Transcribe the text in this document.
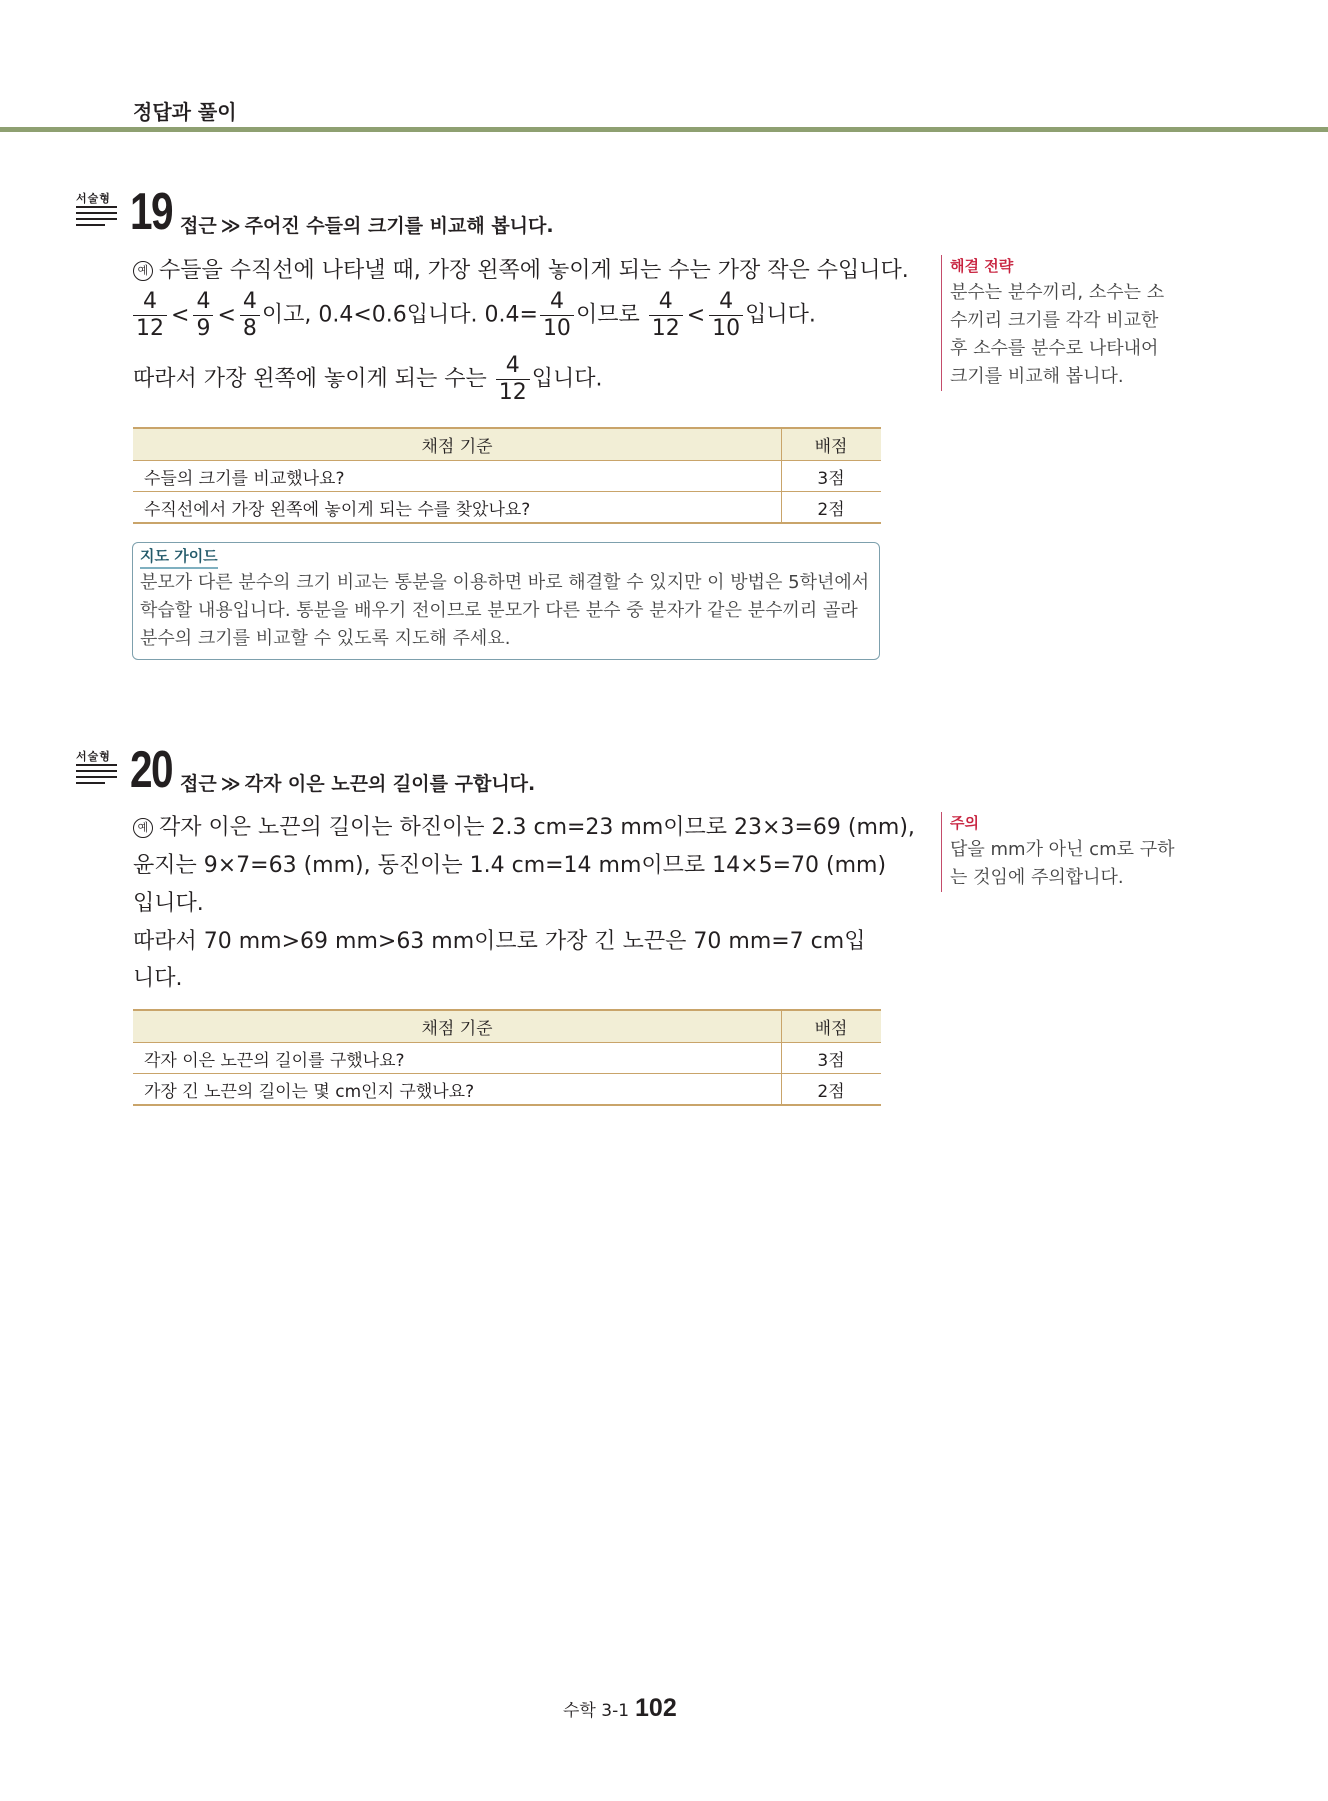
정답과 풀이
서술형 19 접근 ≫ 주어진 수들의 크기를 비교해 봅니다.
예 수들을 수직선에 나타낼 때, 가장 왼쪽에 놓이게 되는 수는 가장 작은 수입니다.
$\frac{4}{12} < \frac{4}{9} < \frac{4}{8}$ 이고, 0.4<0.6입니다. $0.4= \frac{4}{10}$ 이므로 $\frac{4}{12} < \frac{4}{10}$ 입니다.
따라서 가장 왼쪽에 놓이게 되는 수는 $\frac{4}{12}$ 입니다.
채점 기준	배점
수들의 크기를 비교했나요?	3점
수직선에서 가장 왼쪽에 놓이게 되는 수를 찾았나요?	2점
지도 가이드
분모가 다른 분수의 크기 비교는 통분을 이용하면 바로 해결할 수 있지만 이 방법은 5학년에서
학습할 내용입니다. 통분을 배우기 전이므로 분모가 다른 분수 중 분자가 같은 분수끼리 골라
분수의 크기를 비교할 수 있도록 지도해 주세요.
해결 전략
분수는 분수끼리, 소수는 소
수끼리 크기를 각각 비교한
후 소수를 분수로 나타내어
크기를 비교해 봅니다.
서술형 20 접근 ≫ 각자 이은 노끈의 길이를 구합니다.
예 각자 이은 노끈의 길이는 하진이는 2.3 cm=23 mm이므로 23×3=69 (mm),
윤지는 9×7=63 (mm), 동진이는 1.4 cm=14 mm이므로 14×5=70 (mm)
입니다.
따라서 70 mm>69 mm>63 mm이므로 가장 긴 노끈은 70 mm=7 cm입
니다.
채점 기준	배점
각자 이은 노끈의 길이를 구했나요?	3점
가장 긴 노끈의 길이는 몇 cm인지 구했나요?	2점
주의
답을 mm가 아닌 cm로 구하
는 것임에 주의합니다.
수학 3-1 102
